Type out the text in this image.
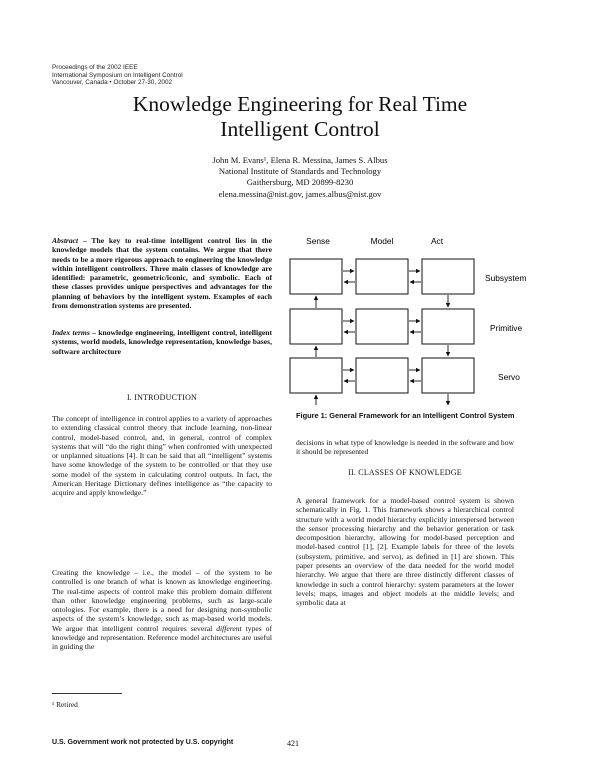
Proceedings of the 2002 IEEE
International Symposium on Intelligent Control
Vancouver, Canada • October 27-30, 2002
Knowledge Engineering for Real Time
Intelligent Control
John M. Evans¹, Elena R. Messina, James S. Albus
National Institute of Standards and Technology
Gaithersburg, MD 20899-8230
elena.messina@nist.gov, james.albus@nist.gov

Abstract – The key to real-time intelligent control lies in the knowledge models that the system contains. We argue that there needs to be a more rigorous approach to engineering the knowledge within intelligent controllers. Three main classes of knowledge are identified: parametric, geometric/iconic, and symbolic. Each of these classes provides unique perspectives and advantages for the planning of behaviors by the intelligent system. Examples of each from demonstration systems are presented.

Index terms – knowledge engineering, intelligent control, intelligent systems, world models, knowledge representation, knowledge bases, software architecture

I. INTRODUCTION

The concept of intelligence in control applies to a variety of approaches to extending classical control theory that include learning, non-linear control, model-based control, and, in general, control of complex systems that will “do the right thing” when confronted with unexpected or unplanned situations [4]. It can be said that all “intelligent” systems have some knowledge of the system to be controlled or that they use some model of the system in calculating control outputs. In fact, the American Heritage Dictionary defines intelligence as “the capacity to acquire and apply knowledge.”

Creating the knowledge – i.e., the model – of the system to be controlled is one branch of what is known as knowledge engineering. The real-time aspects of control make this problem domain different than other knowledge engineering problems, such as large-scale ontologies. For example, there is a need for designing non-symbolic aspects of the system’s knowledge, such as map-based world models. We argue that intelligent control requires several different types of knowledge and representation. Reference model architectures are useful in guiding the

¹ Retired
Sense	Model	Act
Subsystem
Primitive
Servo
Figure 1: General Framework for an Intelligent Control System

decisions in what type of knowledge is needed in the software and how it should be represented

II. CLASSES OF KNOWLEDGE

A general framework for a model-based control system is shown schematically in Fig. 1. This framework shows a hierarchical control structure with a world model hierarchy explicitly interspersed between the sensor processing hierarchy and the behavior generation or task decomposition hierarchy, allowing for model-based perception and model-based control [1], [2]. Example labels for three of the levels (subsystem, primitive, and servo), as defined in [1] are shown. This paper presents an overview of the data needed for the world model hierarchy. We argue that there are three distinctly different classes of knowledge in such a control hierarchy: system parameters at the lower levels; maps, images and object models at the middle levels; and symbolic data at

U.S. Government work not protected by U.S. copyright	421
